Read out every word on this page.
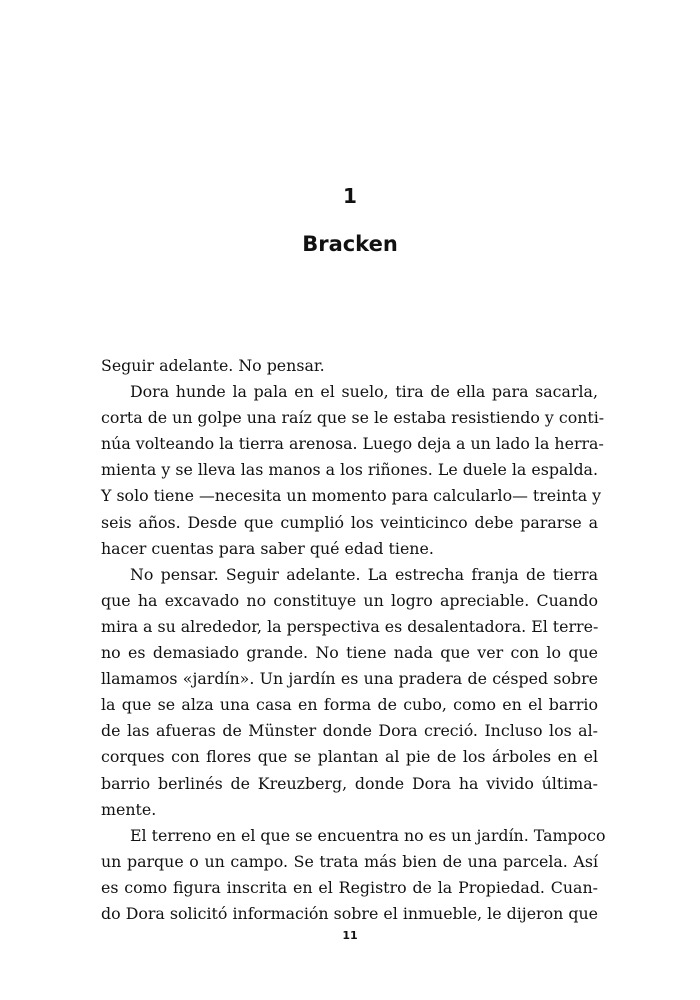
1
Bracken
Seguir adelante. No pensar.
Dora hunde la pala en el suelo, tira de ella para sacarla,
corta de un golpe una raíz que se le estaba resistiendo y conti-
núa volteando la tierra arenosa. Luego deja a un lado la herra-
mienta y se lleva las manos a los riñones. Le duele la espalda.
Y solo tiene —necesita un momento para calcularlo— treinta y
seis años. Desde que cumplió los veinticinco debe pararse a
hacer cuentas para saber qué edad tiene.
No pensar. Seguir adelante. La estrecha franja de tierra
que ha excavado no constituye un logro apreciable. Cuando
mira a su alrededor, la perspectiva es desalentadora. El terre-
no es demasiado grande. No tiene nada que ver con lo que
llamamos «jardín». Un jardín es una pradera de césped sobre
la que se alza una casa en forma de cubo, como en el barrio
de las afueras de Münster donde Dora creció. Incluso los al-
corques con flores que se plantan al pie de los árboles en el
barrio berlinés de Kreuzberg, donde Dora ha vivido última-
mente.
El terreno en el que se encuentra no es un jardín. Tampoco
un parque o un campo. Se trata más bien de una parcela. Así
es como figura inscrita en el Registro de la Propiedad. Cuan-
do Dora solicitó información sobre el inmueble, le dijeron que
11
